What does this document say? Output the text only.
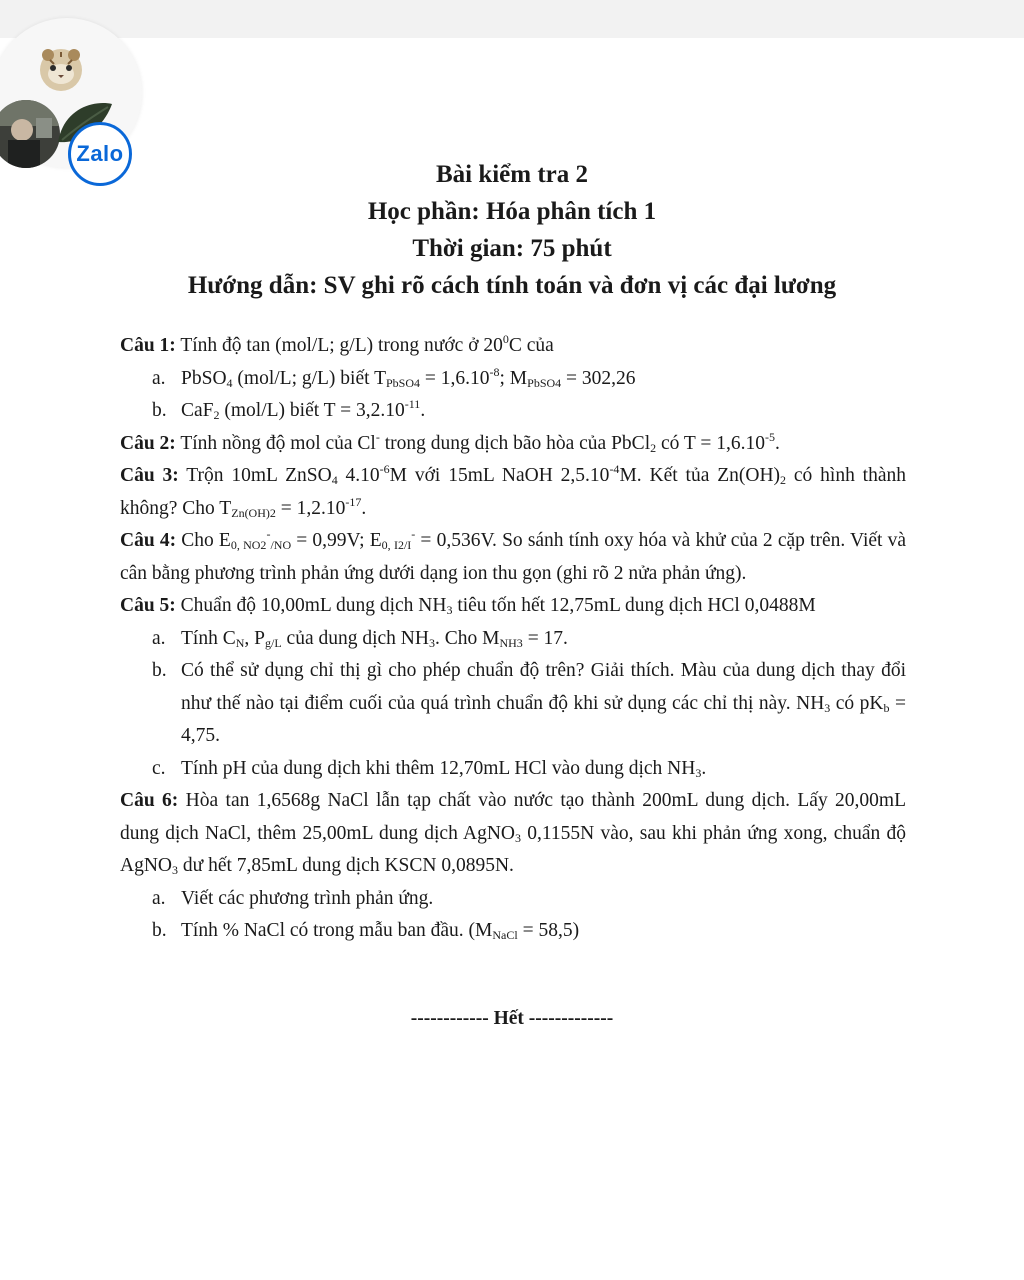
Zalo
Bài kiểm tra 2
Học phần: Hóa phân tích 1
Thời gian: 75 phút
Hướng dẫn: SV ghi rõ cách tính toán và đơn vị các đại lương
Câu 1: Tính độ tan (mol/L; g/L) trong nước ở $20^0C$ của
a. PbSO$_4$ (mol/L; g/L) biết $T_{PbSO4} = 1,6.10^{-8}$; $M_{PbSO4} = 302,26$
b. CaF$_2$ (mol/L) biết $T = 3,2.10^{-11}$.
Câu 2: Tính nồng độ mol của Cl- trong dung dịch bão hòa của PbCl$_2$ có $T = 1,6.10^{-5}$.
Câu 3: Trộn 10mL ZnSO$_4$ $4.10^{-6}M$ với 15mL NaOH $2,5.10^{-4}M$. Kết tủa $Zn(OH)_2$ có hình thành không? Cho $T_{Zn(OH)2} = 1,2.10^{-17}$.
Câu 4: Cho $E_{0, NO2}^-_{/NO} = 0,99V$; $E_{0, I2/I}^- = 0,536V$. So sánh tính oxy hóa và khử của 2 cặp trên. Viết và cân bằng phương trình phản ứng dưới dạng ion thu gọn (ghi rõ 2 nửa phản ứng).
Câu 5: Chuẩn độ 10,00mL dung dịch $NH_3$ tiêu tốn hết 12,75mL dung dịch HCl 0,0488M
a. Tính $C_N$, $P_{g/L}$ của dung dịch $NH_3$. Cho $M_{NH3} = 17$.
b. Có thể sử dụng chỉ thị gì cho phép chuẩn độ trên? Giải thích. Màu của dung dịch thay đổi như thế nào tại điểm cuối của quá trình chuẩn độ khi sử dụng các chỉ thị này. $NH_3$ có $pK_b = 4,75$.
c. Tính pH của dung dịch khi thêm 12,70mL HCl vào dung dịch $NH_3$.
Câu 6: Hòa tan 1,6568g NaCl lẫn tạp chất vào nước tạo thành 200mL dung dịch. Lấy 20,00mL dung dịch NaCl, thêm 25,00mL dung dịch AgNO$_3$ 0,1155N vào, sau khi phản ứng xong, chuẩn độ AgNO$_3$ dư hết 7,85mL dung dịch KSCN 0,0895N.
a. Viết các phương trình phản ứng.
b. Tính % NaCl có trong mẫu ban đầu. $(M_{NaCl} = 58,5)$
------------ Hết -------------
